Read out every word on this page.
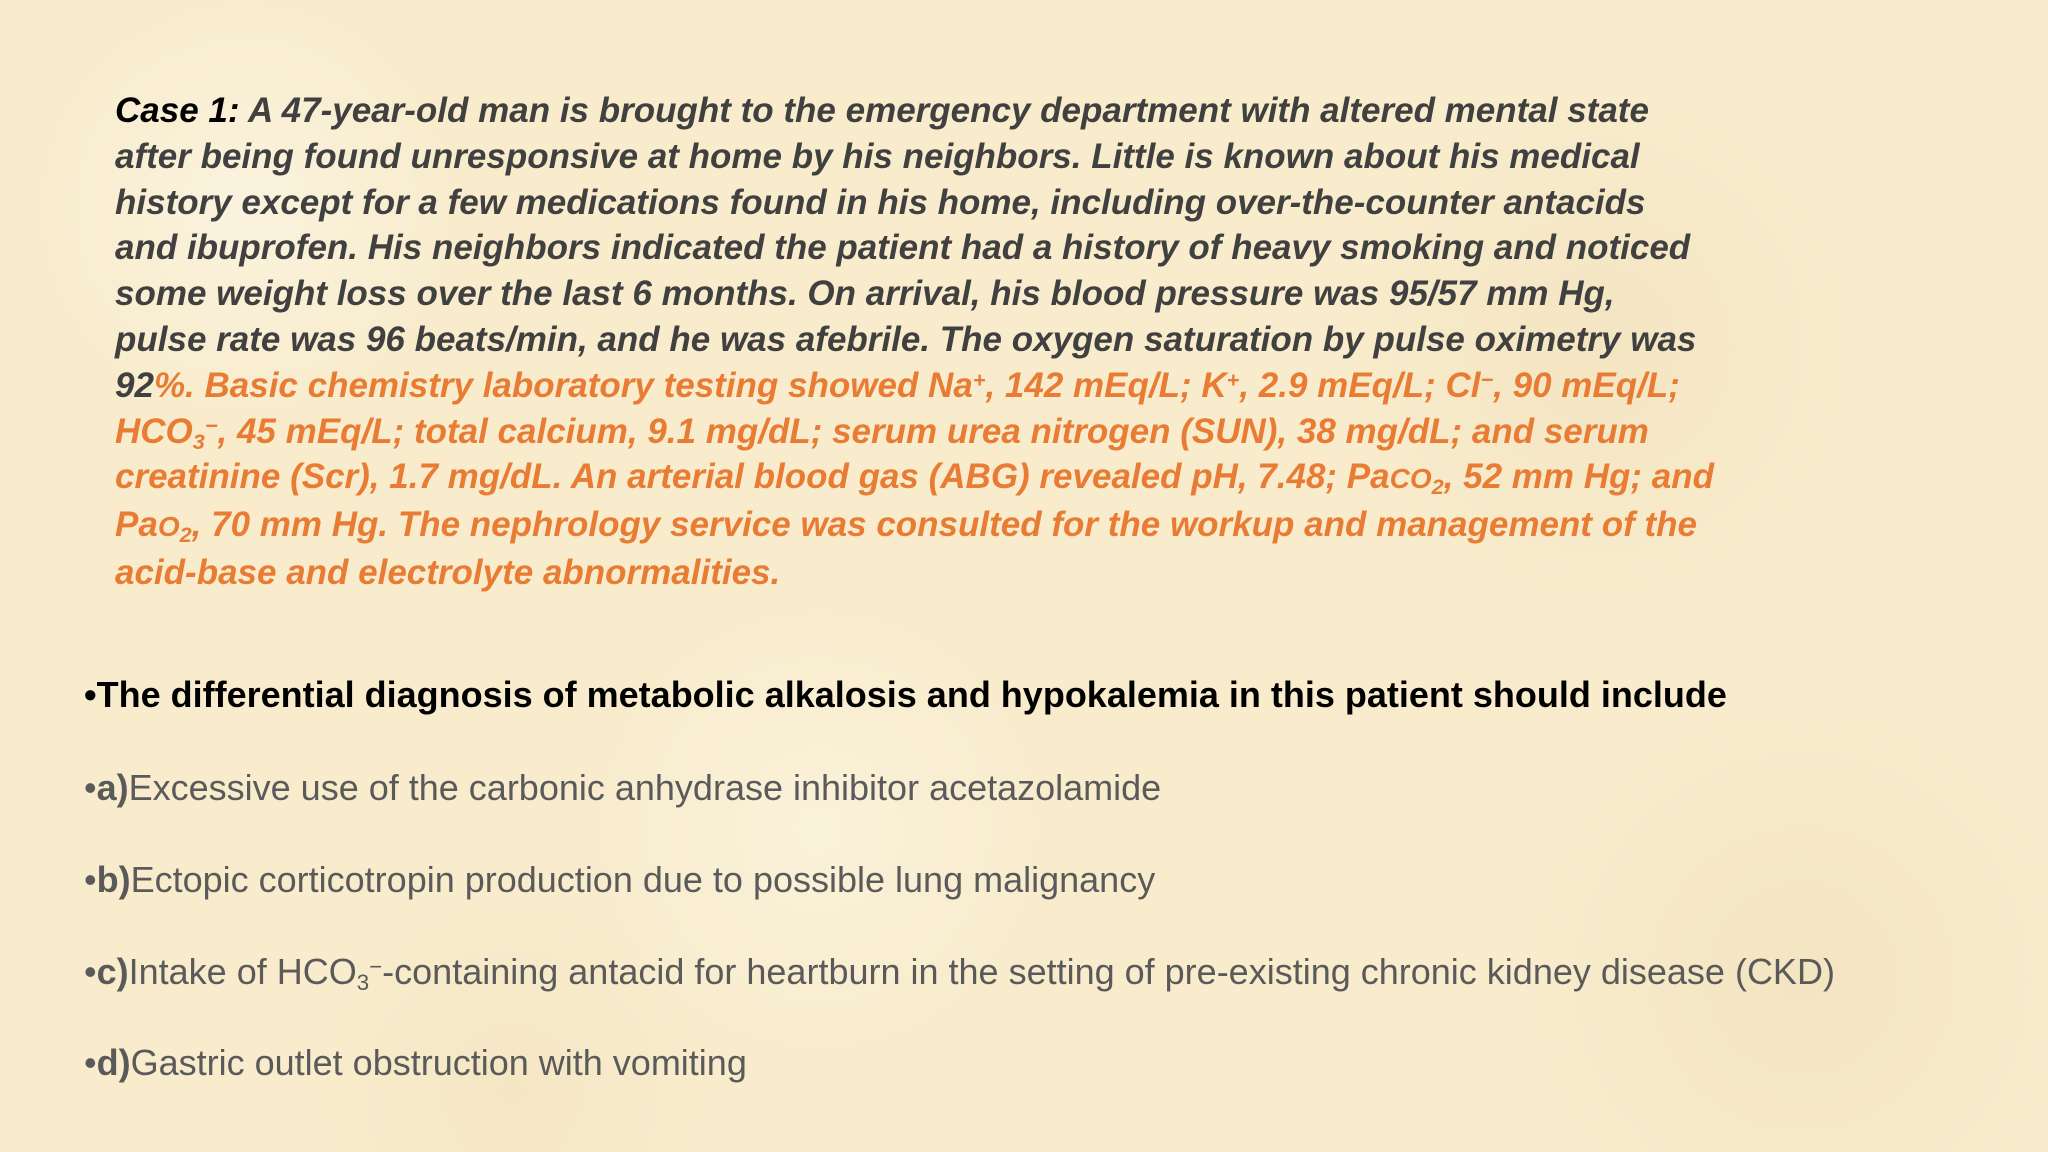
Case 1: A 47-year-old man is brought to the emergency department with altered mental state
after being found unresponsive at home by his neighbors. Little is known about his medical
history except for a few medications found in his home, including over-the-counter antacids
and ibuprofen. His neighbors indicated the patient had a history of heavy smoking and noticed
some weight loss over the last 6 months. On arrival, his blood pressure was 95/57 mm Hg,
pulse rate was 96 beats/min, and he was afebrile. The oxygen saturation by pulse oximetry was
92%. Basic chemistry laboratory testing showed Na+, 142 mEq/L; K+, 2.9 mEq/L; Cl−, 90 mEq/L;
$HCO_3^-$, 45 mEq/L; total calcium, 9.1 mg/dL; serum urea nitrogen (SUN), 38 mg/dL; and serum
creatinine (Scr), 1.7 mg/dL. An arterial blood gas (ABG) revealed pH, 7.48; PaCO$_2$, 52 mm Hg; and
PaO$_2$, 70 mm Hg. The nephrology service was consulted for the workup and management of the
acid-base and electrolyte abnormalities.
•The differential diagnosis of metabolic alkalosis and hypokalemia in this patient should include
•a)Excessive use of the carbonic anhydrase inhibitor acetazolamide
•b)Ectopic corticotropin production due to possible lung malignancy
•c)Intake of $HCO_3^-$-containing antacid for heartburn in the setting of pre-existing chronic kidney disease (CKD)
•d)Gastric outlet obstruction with vomiting
